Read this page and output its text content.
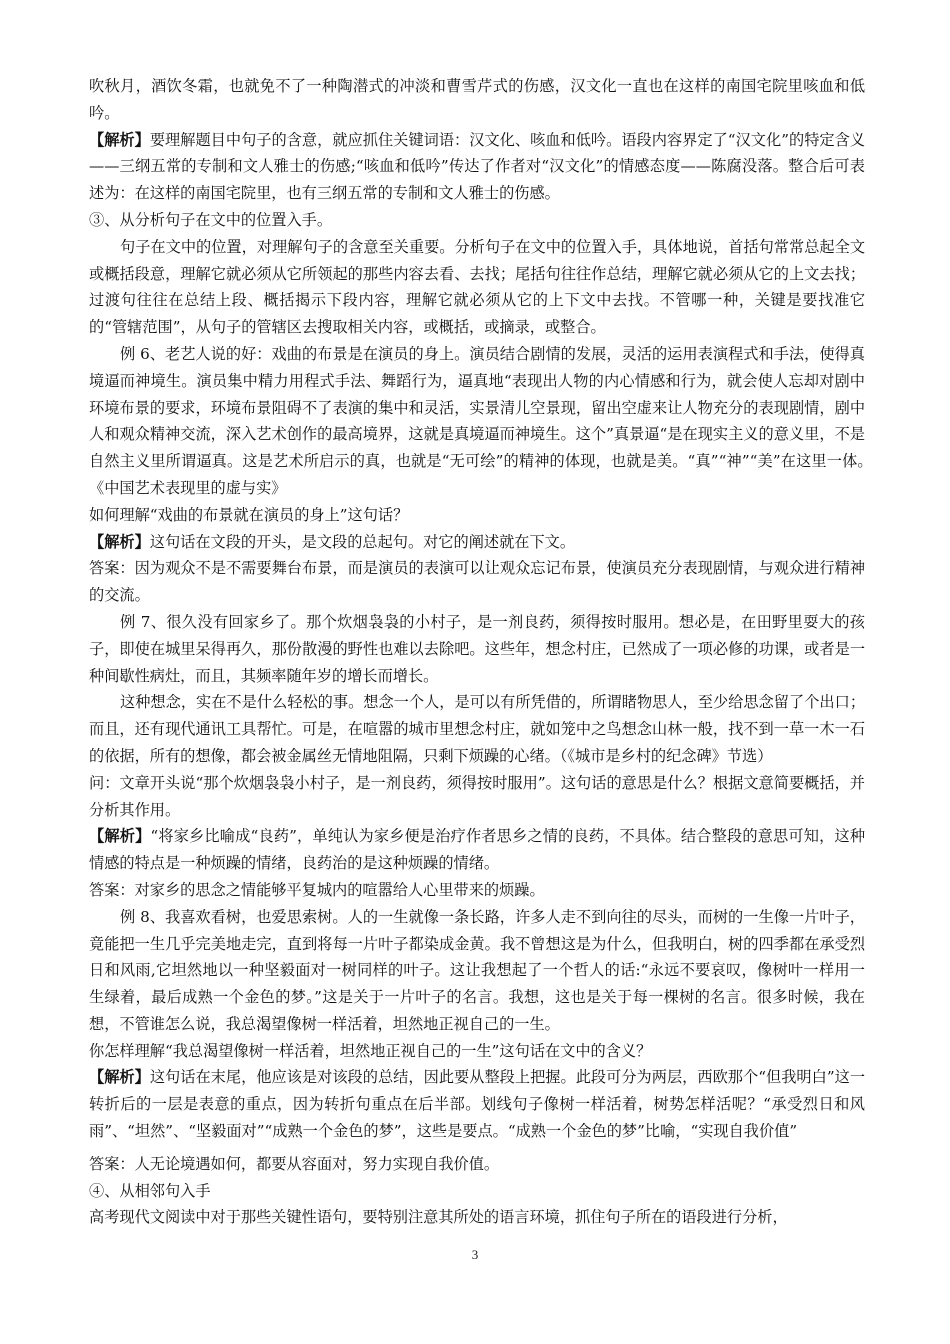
吹秋月，酒饮冬霜，也就免不了一种陶潜式的冲淡和曹雪芹式的伤感，汉文化一直也在这样的南国宅院里咳血和低吟。

【解析】要理解题目中句子的含意，就应抓住关键词语：汉文化、咳血和低吟。语段内容界定了“汉文化”的特定含义——三纲五常的专制和文人雅士的伤感;“咳血和低吟”传达了作者对“汉文化”的情感态度——陈腐没落。整合后可表述为：在这样的南国宅院里，也有三纲五常的专制和文人雅士的伤感。

③、从分析句子在文中的位置入手。

句子在文中的位置，对理解句子的含意至关重要。分析句子在文中的位置入手，具体地说，首括句常常总起全文或概括段意，理解它就必须从它所领起的那些内容去看、去找；尾括句往往作总结，理解它就必须从它的上文去找；过渡句往往在总结上段、概括揭示下段内容，理解它就必须从它的上下文中去找。不管哪一种，关键是要找准它的“管辖范围”，从句子的管辖区去搜取相关内容，或概括，或摘录，或整合。

例 6、老艺人说的好：戏曲的布景是在演员的身上。演员结合剧情的发展，灵活的运用表演程式和手法，使得真境逼而神境生。演员集中精力用程式手法、舞蹈行为，逼真地“表现出人物的内心情感和行为，就会使人忘却对剧中环境布景的要求，环境布景阻碍不了表演的集中和灵活，实景清儿空景现，留出空虚来让人物充分的表现剧情，剧中人和观众精神交流，深入艺术创作的最高境界，这就是真境逼而神境生。这个”真景逼“是在现实主义的意义里，不是自然主义里所谓逼真。这是艺术所启示的真，也就是“无可绘”的精神的体现，也就是美。“真”“神”“美”在这里一体。　　《中国艺术表现里的虚与实》

如何理解“戏曲的布景就在演员的身上”这句话？

【解析】这句话在文段的开头，是文段的总起句。对它的阐述就在下文。

答案：因为观众不是不需要舞台布景，而是演员的表演可以让观众忘记布景，使演员充分表现剧情，与观众进行精神的交流。

例 7、很久没有回家乡了。那个炊烟袅袅的小村子，是一剂良药，须得按时服用。想必是，在田野里耍大的孩子，即使在城里呆得再久，那份散漫的野性也难以去除吧。这些年，想念村庄，已然成了一项必修的功课，或者是一种间歇性病灶，而且，其频率随年岁的增长而增长。

这种想念，实在不是什么轻松的事。想念一个人，是可以有所凭借的，所谓睹物思人，至少给思念留了个出口；而且，还有现代通讯工具帮忙。可是，在喧嚣的城市里想念村庄，就如笼中之鸟想念山林一般，找不到一草一木一石的依据，所有的想像，都会被金属丝无情地阻隔，只剩下烦躁的心绪。（《城市是乡村的纪念碑》节选）

问：文章开头说“那个炊烟袅袅小村子，是一剂良药，须得按时服用”。这句话的意思是什么？根据文意简要概括，并分析其作用。

【解析】“将家乡比喻成“良药”，单纯认为家乡便是治疗作者思乡之情的良药，不具体。结合整段的意思可知，这种情感的特点是一种烦躁的情绪，良药治的是这种烦躁的情绪。

答案：对家乡的思念之情能够平复城内的喧嚣给人心里带来的烦躁。

例 8、我喜欢看树，也爱思索树。人的一生就像一条长路，许多人走不到向往的尽头，而树的一生像一片叶子，竟能把一生几乎完美地走完，直到将每一片叶子都染成金黄。我不曾想这是为什么，但我明白，树的四季都在承受烈日和风雨,它坦然地以一种坚毅面对一树同样的叶子。这让我想起了一个哲人的话:“永远不要哀叹，像树叶一样用一生绿着，最后成熟一个金色的梦。”这是关于一片叶子的名言。我想，这也是关于每一棵树的名言。很多时候，我在想，不管谁怎么说，我总渴望像树一样活着，坦然地正视自己的一生。

你怎样理解“我总渴望像树一样活着，坦然地正视自己的一生”这句话在文中的含义？

【解析】这句话在末尾，他应该是对该段的总结，因此要从整段上把握。此段可分为两层，西欧那个“但我明白”这一转折后的一层是表意的重点，因为转折句重点在后半部。划线句子像树一样活着，树势怎样活呢？“承受烈日和风雨”、“坦然”、“坚毅面对”“成熟一个金色的梦”，这些是要点。“成熟一个金色的梦”比喻，“实现自我价值”

答案：人无论境遇如何，都要从容面对，努力实现自我价值。

④、从相邻句入手

高考现代文阅读中对于那些关键性语句，要特别注意其所处的语言环境，抓住句子所在的语段进行分析，

3
